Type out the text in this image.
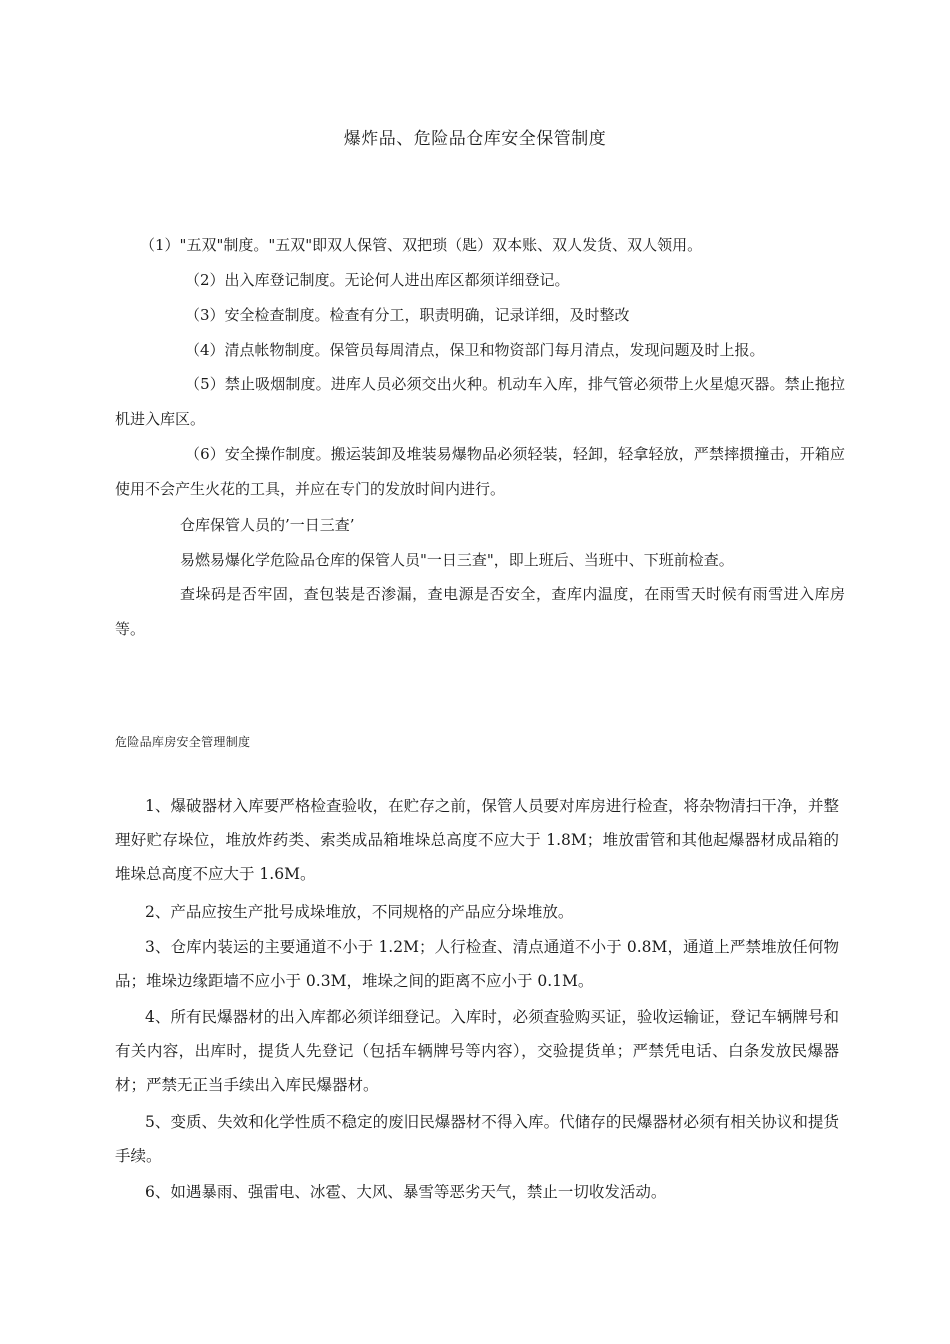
爆炸品、危险品仓库安全保管制度
（1）"五双"制度。"五双"即双人保管、双把琐（匙）双本账、双人发货、双人领用。
（2）出入库登记制度。无论何人进出库区都须详细登记。
（3）安全检查制度。检查有分工，职责明确，记录详细，及时整改
（4）清点帐物制度。保管员每周清点，保卫和物资部门每月清点，发现问题及时上报。
（5）禁止吸烟制度。进库人员必须交出火种。机动车入库，排气管必须带上火星熄灭器。禁止拖拉机进入库区。
（6）安全操作制度。搬运装卸及堆装易爆物品必须轻装，轻卸，轻拿轻放，严禁摔掼撞击，开箱应使用不会产生火花的工具，并应在专门的发放时间内进行。
仓库保管人员的’一日三查’
易燃易爆化学危险品仓库的保管人员"一日三查"，即上班后、当班中、下班前检查。
查垛码是否牢固，查包装是否渗漏，查电源是否安全，查库内温度，在雨雪天时候有雨雪进入库房等。
危险品库房安全管理制度
1、爆破器材入库要严格检查验收，在贮存之前，保管人员要对库房进行检查，将杂物清扫干净，并整理好贮存垛位，堆放炸药类、索类成品箱堆垛总高度不应大于 1.8M；堆放雷管和其他起爆器材成品箱的堆垛总高度不应大于 1.6M。
2、产品应按生产批号成垛堆放，不同规格的产品应分垛堆放。
3、仓库内装运的主要通道不小于 1.2M；人行检查、清点通道不小于 0.8M，通道上严禁堆放任何物品；堆垛边缘距墙不应小于 0.3M，堆垛之间的距离不应小于 0.1M。
4、所有民爆器材的出入库都必须详细登记。入库时，必须查验购买证，验收运输证，登记车辆牌号和有关内容，出库时，提货人先登记（包括车辆牌号等内容），交验提货单；严禁凭电话、白条发放民爆器材；严禁无正当手续出入库民爆器材。
5、变质、失效和化学性质不稳定的废旧民爆器材不得入库。代储存的民爆器材必须有相关协议和提货手续。
6、如遇暴雨、强雷电、冰雹、大风、暴雪等恶劣天气，禁止一切收发活动。
